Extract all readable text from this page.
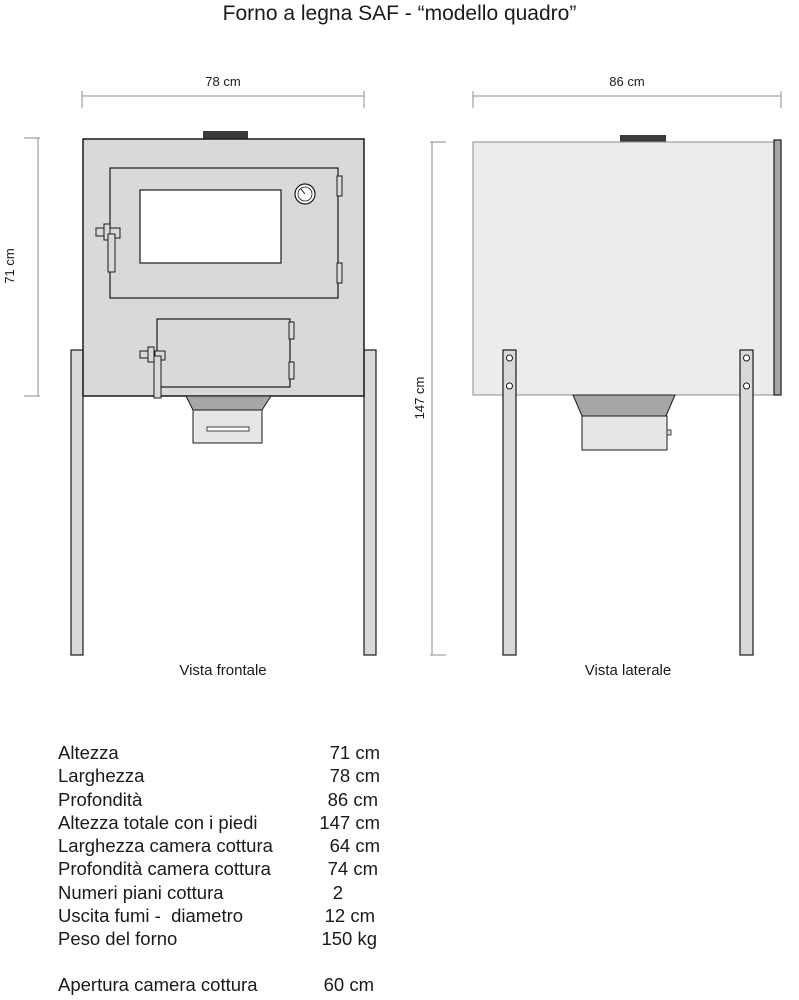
Forno a legna SAF - “modello quadro”
78 cm
71 cm
Vista frontale
86 cm
147 cm
Vista laterale
Altezza	71 cm
Larghezza	78 cm
Profondità	86 cm
Altezza totale con i piedi	147 cm
Larghezza camera cottura	64 cm
Profondità camera cottura	74 cm
Numeri piani cottura	2
Uscita fumi -  diametro	12 cm
Peso del forno	150 kg
Apertura camera cottura	60 cm
